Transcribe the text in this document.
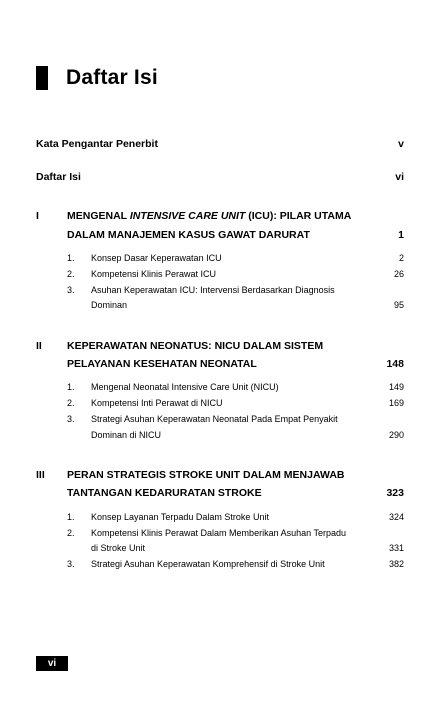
Daftar Isi
Kata Pengantar Penerbit	v
Daftar Isi	vi
I	MENGENAL INTENSIVE CARE UNIT (ICU): PILAR UTAMA
DALAM MANAJEMEN KASUS GAWAT DARURAT	1
1.	Konsep Dasar Keperawatan ICU	2
2.	Kompetensi Klinis Perawat ICU	26
3. Asuhan Keperawatan ICU: Intervensi Berdasarkan Diagnosis
Dominan	95
II KEPERAWATAN NEONATUS: NICU DALAM SISTEM
PELAYANAN KESEHATAN NEONATAL	148
1.	Mengenal Neonatal Intensive Care Unit (NICU)	149
2.	Kompetensi Inti Perawat di NICU	169
3. Strategi Asuhan Keperawatan Neonatal Pada Empat Penyakit
Dominan di NICU	290
III PERAN STRATEGIS STROKE UNIT DALAM MENJAWAB
TANTANGAN KEDARURATAN STROKE	323
1.	Konsep Layanan Terpadu Dalam Stroke Unit	324
2. Kompetensi Klinis Perawat Dalam Memberikan Asuhan Terpadu
di Stroke Unit	331
3.	Strategi Asuhan Keperawatan Komprehensif di Stroke Unit	382
vi
